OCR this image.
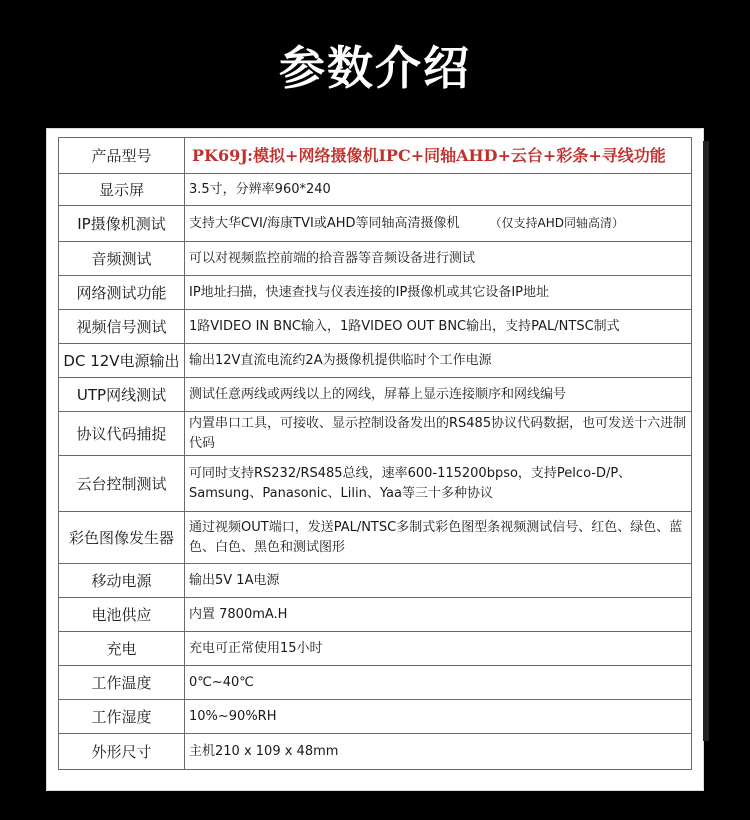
参数介绍
产品型号	PK69J:模拟+网络摄像机IPC+同轴AHD+云台+彩条+寻线功能
显示屏	3.5寸，分辨率960*240
IP摄像机测试	支持大华CVI/海康TVI或AHD等同轴高清摄像机 （仅支持AHD同轴高清）
音频测试	可以对视频监控前端的拾音器等音频设备进行测试
网络测试功能	IP地址扫描，快速查找与仪表连接的IP摄像机或其它设备IP地址
视频信号测试	1路VIDEO IN BNC输入，1路VIDEO OUT BNC输出，支持PAL/NTSC制式
DC 12V电源输出	输出12V直流电流约2A为摄像机提供临时个工作电源
UTP网线测试	测试任意两线或两线以上的网线，屏幕上显示连接顺序和网线编号
协议代码捕捉	内置串口工具，可接收、显示控制设备发出的RS485协议代码数据，也可发送十六进制代码
云台控制测试	可同时支持RS232/RS485总线，速率600-115200bpso，支持Pelco-D/P、Samsung、Panasonic、Lilin、Yaa等三十多种协议
彩色图像发生器	通过视频OUT端口，发送PAL/NTSC多制式彩色图型条视频测试信号、红色、绿色、蓝色、白色、黑色和测试图形
移动电源	输出5V 1A电源
电池供应	内置 7800mA.H
充电	充电可正常使用15小时
工作温度	0℃~40℃
工作湿度	10%~90%RH
外形尺寸	主机210 x 109 x 48mm
